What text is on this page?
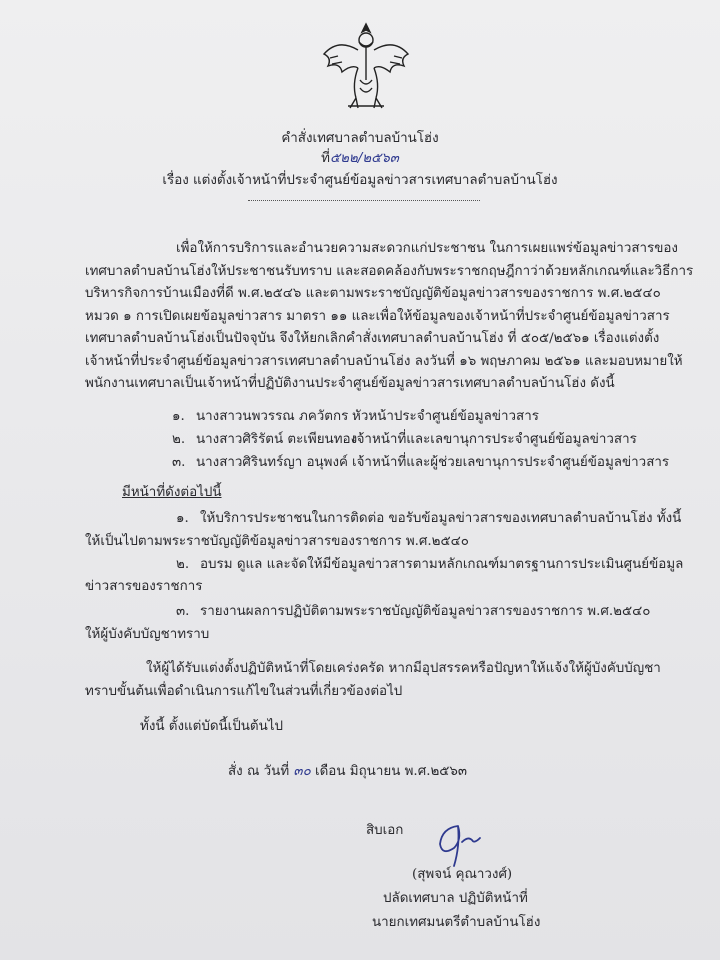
คำสั่งเทศบาลตำบลบ้านโฮ่ง
ที่๕๒๒/๒๕๖๓
เรื่อง แต่งตั้งเจ้าหน้าที่ประจำศูนย์ข้อมูลข่าวสารเทศบาลตำบลบ้านโฮ่ง
เพื่อให้การบริการและอำนวยความสะดวกแก่ประชาชน ในการเผยแพร่ข้อมูลข่าวสารของ
เทศบาลตำบลบ้านโฮ่งให้ประชาชนรับทราบ และสอดคล้องกับพระราชกฤษฎีกาว่าด้วยหลักเกณฑ์และวิธีการ
บริหารกิจการบ้านเมืองที่ดี พ.ศ.๒๕๔๖ และตามพระราชบัญญัติข้อมูลข่าวสารของราชการ พ.ศ.๒๕๔๐
หมวด ๑ การเปิดเผยข้อมูลข่าวสาร มาตรา ๑๑ และเพื่อให้ข้อมูลของเจ้าหน้าที่ประจำศูนย์ข้อมูลข่าวสาร
เทศบาลตำบลบ้านโฮ่งเป็นปัจจุบัน จึงให้ยกเลิกคำสั่งเทศบาลตำบลบ้านโฮ่ง ที่ ๕๐๕/๒๕๖๑ เรื่องแต่งตั้ง
เจ้าหน้าที่ประจำศูนย์ข้อมูลข่าวสารเทศบาลตำบลบ้านโฮ่ง ลงวันที่ ๑๖ พฤษภาคม ๒๕๖๑ และมอบหมายให้
พนักงานเทศบาลเป็นเจ้าหน้าที่ปฏิบัติงานประจำศูนย์ข้อมูลข่าวสารเทศบาลตำบลบ้านโฮ่ง ดังนี้
๑. นางสาวนพวรรณ ภควัตกร หัวหน้าประจำศูนย์ข้อมูลข่าวสาร
๒. นางสาวศิริรัตน์ ตะเพียนทอง
เจ้าหน้าที่และเลขานุการประจำศูนย์ข้อมูลข่าวสาร
๓. นางสาวศิรินทร์ญา อนุพงค์ เจ้าหน้าที่และผู้ช่วยเลขานุการประจำศูนย์ข้อมูลข่าวสาร
มีหน้าที่ดังต่อไปนี้
๑. ให้บริการประชาชนในการติดต่อ ขอรับข้อมูลข่าวสารของเทศบาลตำบลบ้านโฮ่ง ทั้งนี้
ให้เป็นไปตามพระราชบัญญัติข้อมูลข่าวสารของราชการ พ.ศ.๒๕๔๐
๒. อบรม ดูแล และจัดให้มีข้อมูลข่าวสารตามหลักเกณฑ์มาตรฐานการประเมินศูนย์ข้อมูล
ข่าวสารของราชการ
๓. รายงานผลการปฏิบัติตามพระราชบัญญัติข้อมูลข่าวสารของราชการ พ.ศ.๒๕๔๐
ให้ผู้บังคับบัญชาทราบ
ให้ผู้ได้รับแต่งตั้งปฏิบัติหน้าที่โดยเคร่งครัด หากมีอุปสรรคหรือปัญหาให้แจ้งให้ผู้บังคับบัญชา
ทราบขั้นต้นเพื่อดำเนินการแก้ไขในส่วนที่เกี่ยวข้องต่อไป
ทั้งนี้ ตั้งแต่บัดนี้เป็นต้นไป
สั่ง ณ วันที่ ๓๐ เดือน มิถุนายน พ.ศ.๒๕๖๓
สิบเอก
(สุพจน์ คุณาวงศ์)
ปลัดเทศบาล ปฏิบัติหน้าที่
นายกเทศมนตรีตำบลบ้านโฮ่ง
